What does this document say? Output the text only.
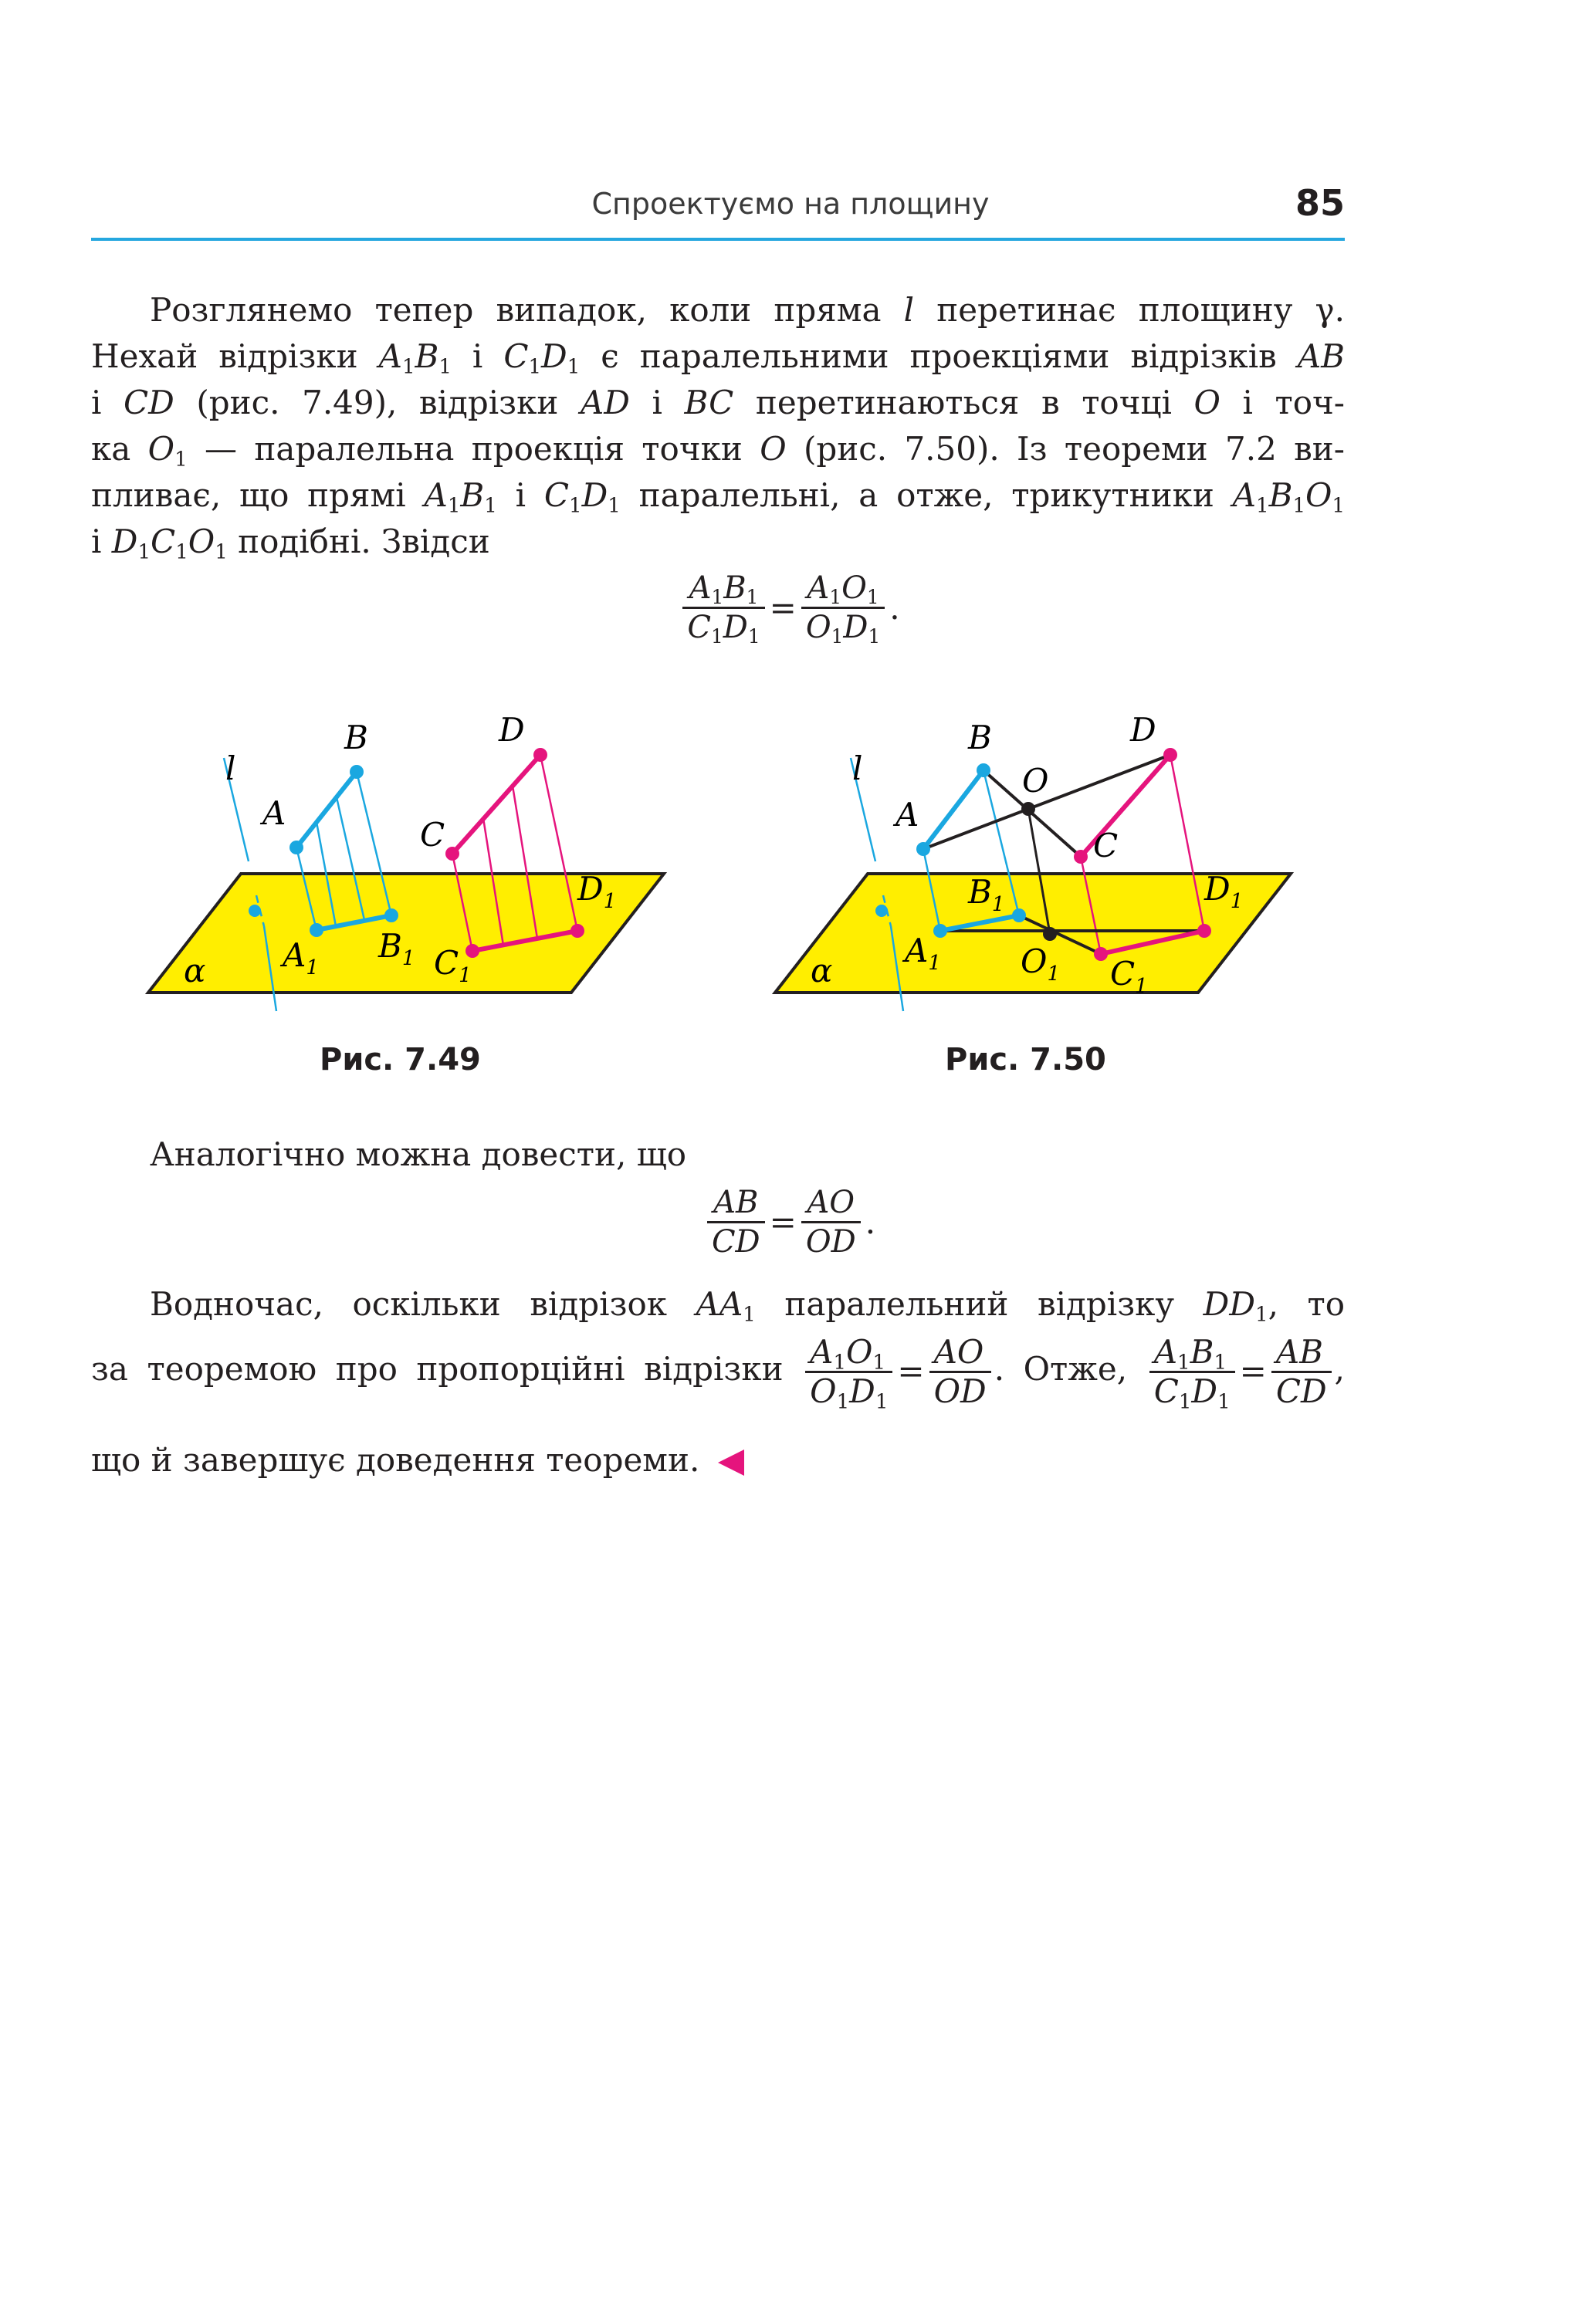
Спроектуємо на площину	85
Розглянемо тепер випадок, коли пряма l перетинає площину γ.
Нехай відрізки $A_1B_1$ і $C_1D_1$ є паралельними проекціями відрізків AB
і CD (рис. 7.49), відрізки AD і BC перетинаються в точці O і точ-
ка $O_1$ — паралельна проекція точки O (рис. 7.50). Із теореми 7.2 ви-
пливає, що прямі $A_1B_1$ і $C_1D_1$ паралельні, а отже, трикутники $A_1B_1O_1$
і $D_1C_1O_1$ подібні. Звідси
$\frac{A_1B_1}{C_1D_1} = \frac{A_1O_1}{O_1D_1}$ .
B	D
l
A
C
$D_1$
$A_1$
$B_1$ $C_1$
α
Рис. 7.49
B	D
l	O
A
C
$B_1$	$D_1$
$A_1$ $O_1$ $C_1$
α
Рис. 7.50
Аналогічно можна довести, що
$\frac{AB}{CD} = \frac{AO}{OD}$ .
Водночас, оскільки відрізок $AA_1$ паралельний відрізку $DD_1$, то
за теоремою про пропорційні відрізки $\frac{A_1O_1}{O_1D_1} = \frac{AO}{OD}$ . Отже, $\frac{A_1B_1}{C_1D_1} = \frac{AB}{CD}$ ,
що й завершує доведення теореми.
